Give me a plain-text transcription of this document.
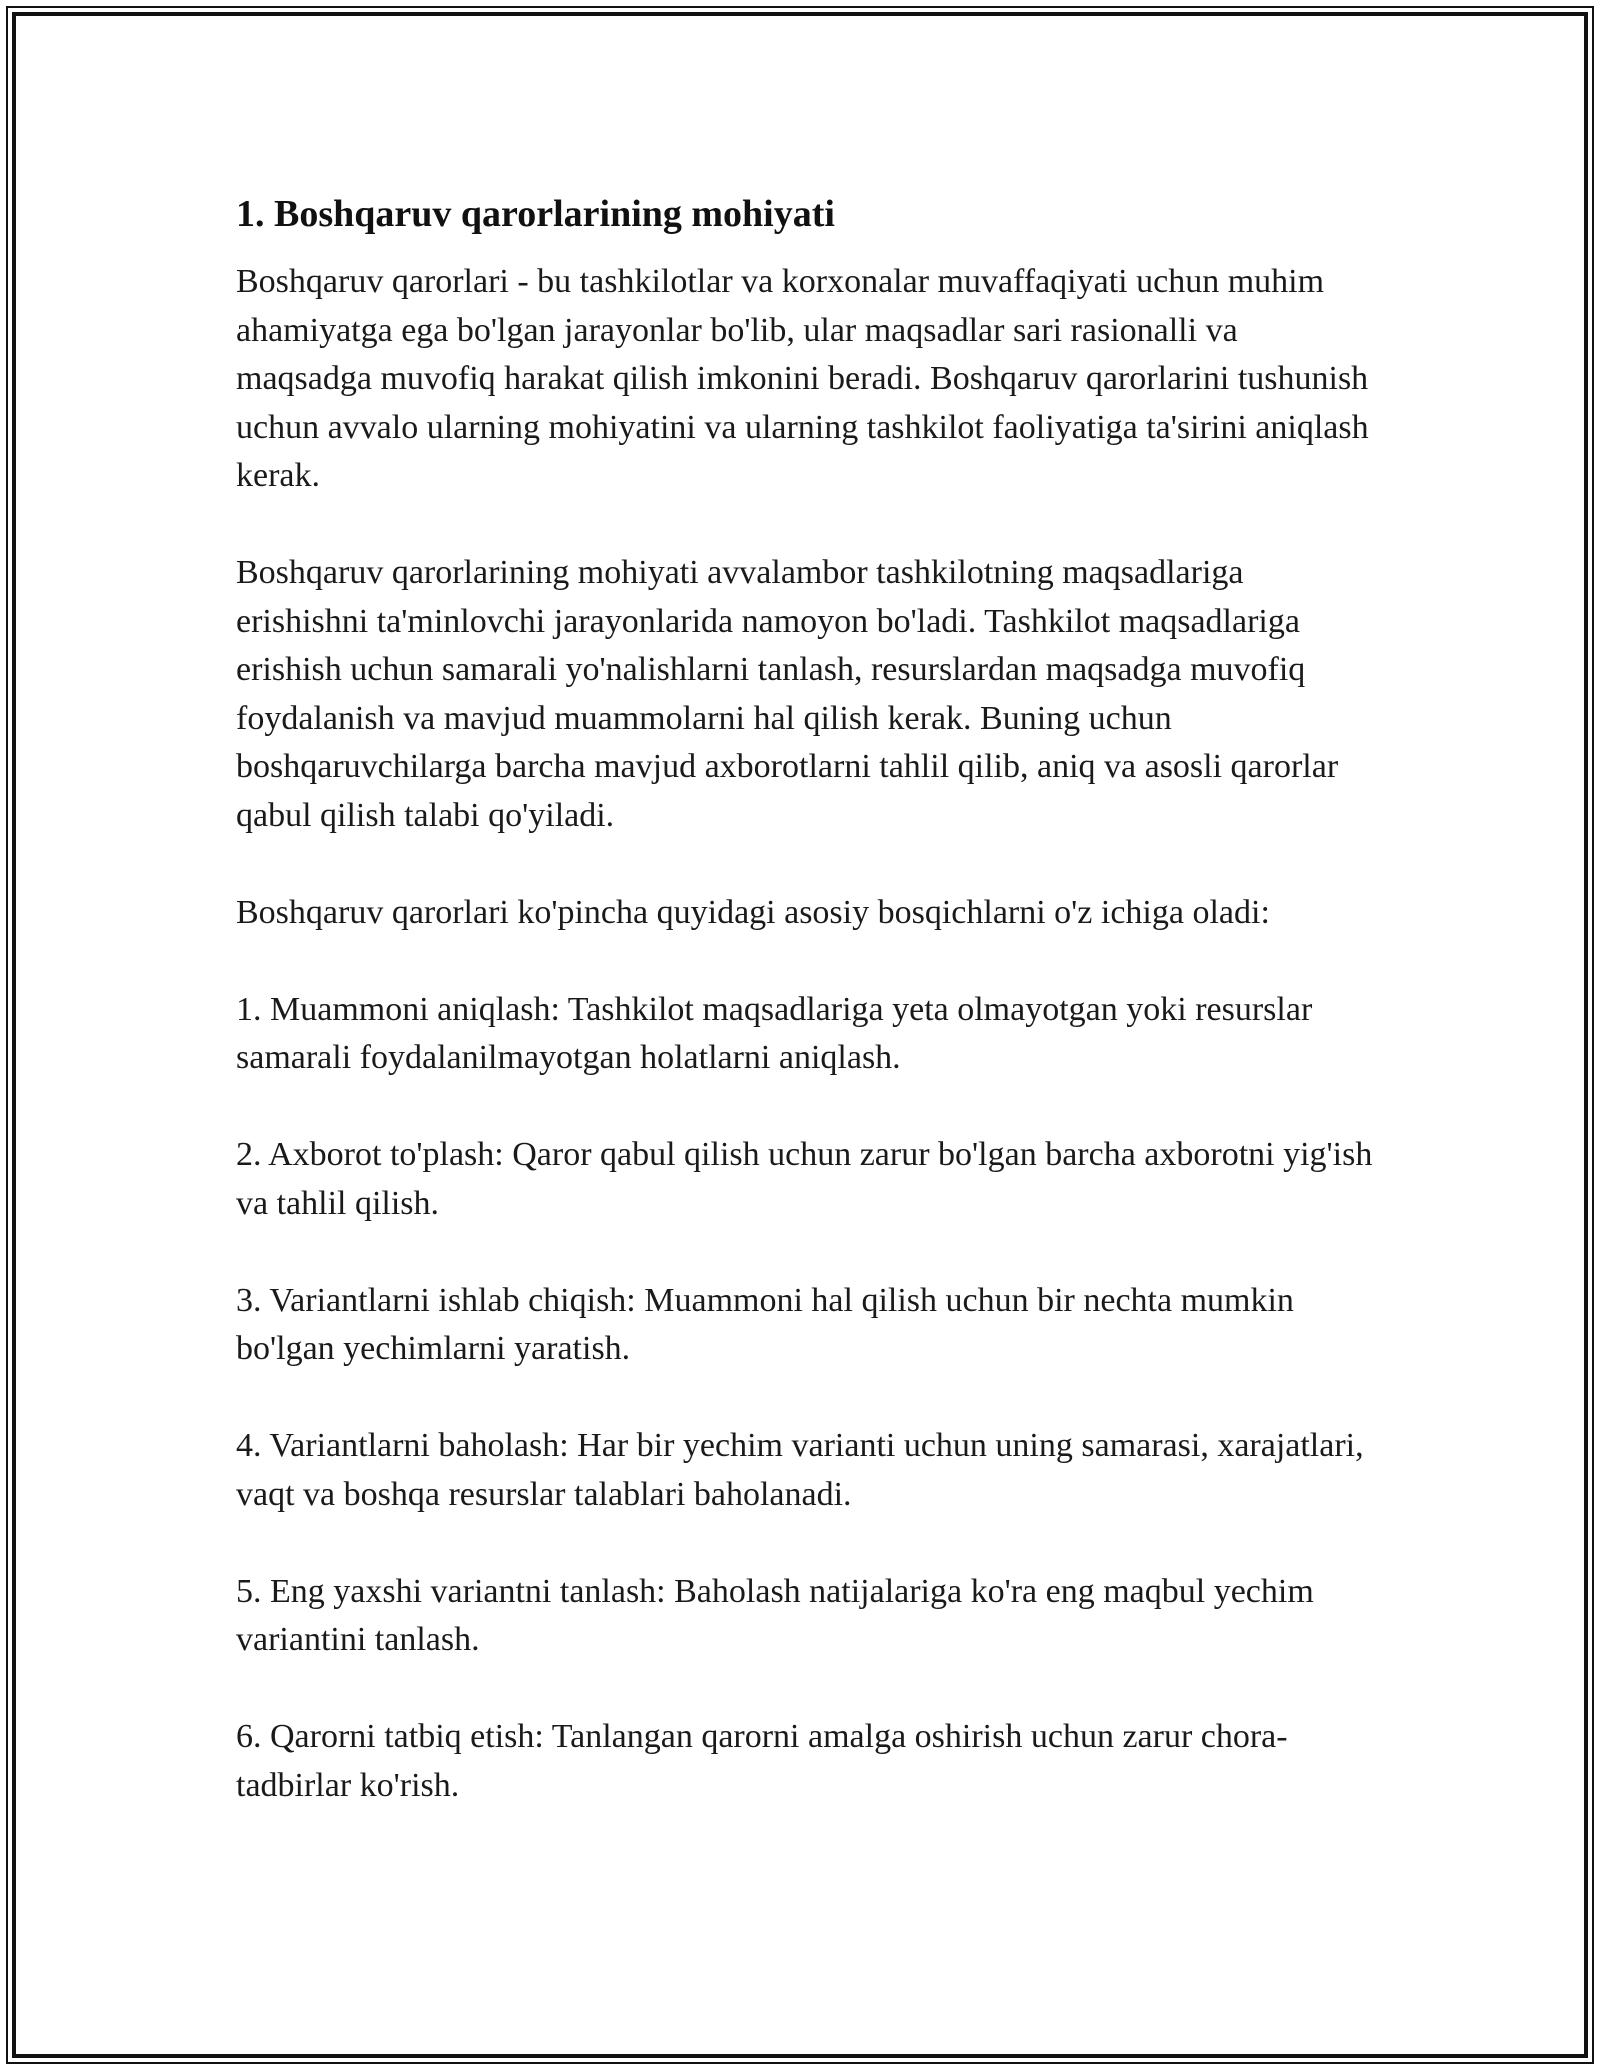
1. Boshqaruv qarorlarining mohiyati

Boshqaruv qarorlari - bu tashkilotlar va korxonalar muvaffaqiyati uchun muhim ahamiyatga ega bo'lgan jarayonlar bo'lib, ular maqsadlar sari rasionalli va maqsadga muvofiq harakat qilish imkonini beradi. Boshqaruv qarorlarini tushunish uchun avvalo ularning mohiyatini va ularning tashkilot faoliyatiga ta'sirini aniqlash kerak.

Boshqaruv qarorlarining mohiyati avvalambor tashkilotning maqsadlariga erishishni ta'minlovchi jarayonlarida namoyon bo'ladi. Tashkilot maqsadlariga erishish uchun samarali yo'nalishlarni tanlash, resurslardan maqsadga muvofiq foydalanish va mavjud muammolarni hal qilish kerak. Buning uchun boshqaruvchilarga barcha mavjud axborotlarni tahlil qilib, aniq va asosli qarorlar qabul qilish talabi qo'yiladi.

Boshqaruv qarorlari ko'pincha quyidagi asosiy bosqichlarni o'z ichiga oladi:

1. Muammoni aniqlash: Tashkilot maqsadlariga yeta olmayotgan yoki resurslar samarali foydalanilmayotgan holatlarni aniqlash.

2. Axborot to'plash: Qaror qabul qilish uchun zarur bo'lgan barcha axborotni yig'ish va tahlil qilish.

3. Variantlarni ishlab chiqish: Muammoni hal qilish uchun bir nechta mumkin bo'lgan yechimlarni yaratish.

4. Variantlarni baholash: Har bir yechim varianti uchun uning samarasi, xarajatlari, vaqt va boshqa resurslar talablari baholanadi.

5. Eng yaxshi variantni tanlash: Baholash natijalariga ko'ra eng maqbul yechim variantini tanlash.

6. Qarorni tatbiq etish: Tanlangan qarorni amalga oshirish uchun zarur chora-tadbirlar ko'rish.
